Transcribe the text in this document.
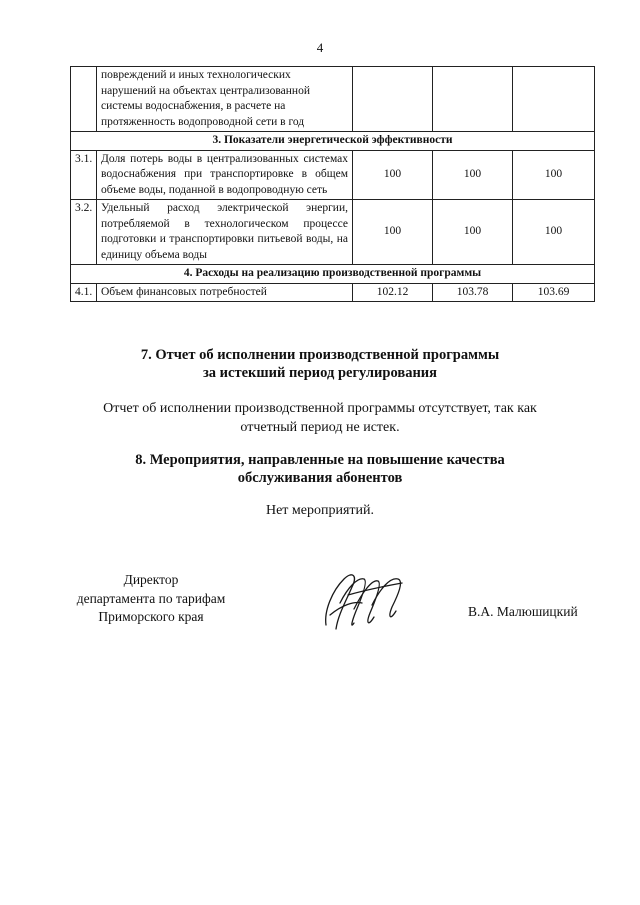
4

	повреждений и иных технологических
нарушений на объектах централизованной
системы водоснабжения, в расчете на
протяженность водопроводной сети в год			

3. Показатели энергетической эффективности				
3.1.	Доля потерь воды в централизованных системах водоснабжения при транспортировке в общем объеме воды, поданной в водопроводную сеть	100	100	100
3.2.	Удельный расход электрической энергии, потребляемой в технологическом процессе подготовки и транспортировки питьевой воды, на единицу объема воды	100	100	100
4. Расходы на реализацию производственной программы				
4.1.	Объем финансовых потребностей	102.12	103.78	103.69
7. Отчет об исполнении производственной программы
за истекший период регулирования
Отчет об исполнении производственной программы отсутствует, так как
отчетный период не истек.
8. Мероприятия, направленные на повышение качества
обслуживания абонентов
Нет мероприятий.
Директор
департамента по тарифам
Приморского края	В.А. Малюшицкий
